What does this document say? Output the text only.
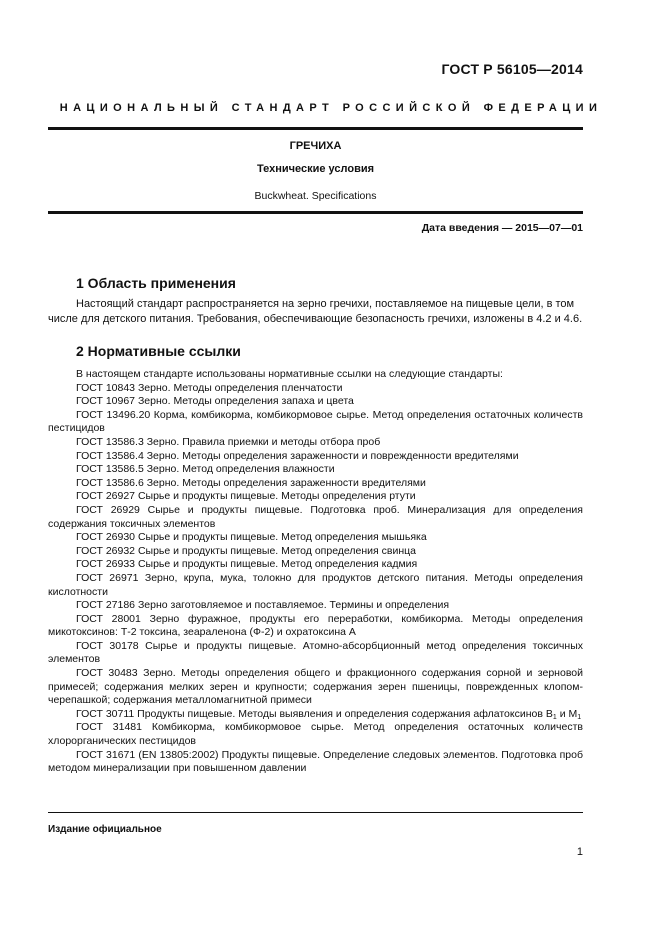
ГОСТ Р 56105—2014
НАЦИОНАЛЬНЫЙ СТАНДАРТ РОССИЙСКОЙ ФЕДЕРАЦИИ
ГРЕЧИХА
Технические условия
Buckwheat. Specifications
Дата введения — 2015—07—01
1 Область применения

Настоящий стандарт распространяется на зерно гречихи, поставляемое на пищевые цели, в том

числе для детского питания. Требования, обеспечивающие безопасность гречихи, изложены в 4.2 и 4.6.

2 Нормативные ссылки

В настоящем стандарте использованы нормативные ссылки на следующие стандарты:

ГОСТ 10843 Зерно. Методы определения пленчатости

ГОСТ 10967 Зерно. Методы определения запаха и цвета

ГОСТ 13496.20 Корма, комбикорма, комбикормовое сырье. Метод определения остаточных количеств пестицидов

ГОСТ 13586.3 Зерно. Правила приемки и методы отбора проб

ГОСТ 13586.4 Зерно. Методы определения зараженности и поврежденности вредителями

ГОСТ 13586.5 Зерно. Метод определения влажности

ГОСТ 13586.6 Зерно. Методы определения зараженности вредителями

ГОСТ 26927 Сырье и продукты пищевые. Методы определения ртути

ГОСТ 26929 Сырье и продукты пищевые. Подготовка проб. Минерализация для определения содержания токсичных элементов

ГОСТ 26930 Сырье и продукты пищевые. Метод определения мышьяка

ГОСТ 26932 Сырье и продукты пищевые. Метод определения свинца

ГОСТ 26933 Сырье и продукты пищевые. Метод определения кадмия

ГОСТ 26971 Зерно, крупа, мука, толокно для продуктов детского питания. Методы определения кислотности

ГОСТ 27186 Зерно заготовляемое и поставляемое. Термины и определения

ГОСТ 28001 Зерно фуражное, продукты его переработки, комбикорма. Методы определения микотоксинов: Т-2 токсина, зеараленона (Ф-2) и охратоксина А

ГОСТ 30178 Сырье и продукты пищевые. Атомно-абсорбционный метод определения токсичных элементов

ГОСТ 30483 Зерно. Методы определения общего и фракционного содержания сорной и зерновой примесей; содержания мелких зерен и крупности; содержания зерен пшеницы, поврежденных клопом-черепашкой; содержания металломагнитной примеси

ГОСТ 30711 Продукты пищевые. Методы выявления и определения содержания афлатоксинов $B_1$ и $M_1$

ГОСТ 31481 Комбикорма, комбикормовое сырье. Метод определения остаточных количеств хлорорганических пестицидов

ГОСТ 31671 (EN 13805:2002) Продукты пищевые. Определение следовых элементов. Подготовка проб методом минерализации при повышенном давлении

Издание официальное
1
